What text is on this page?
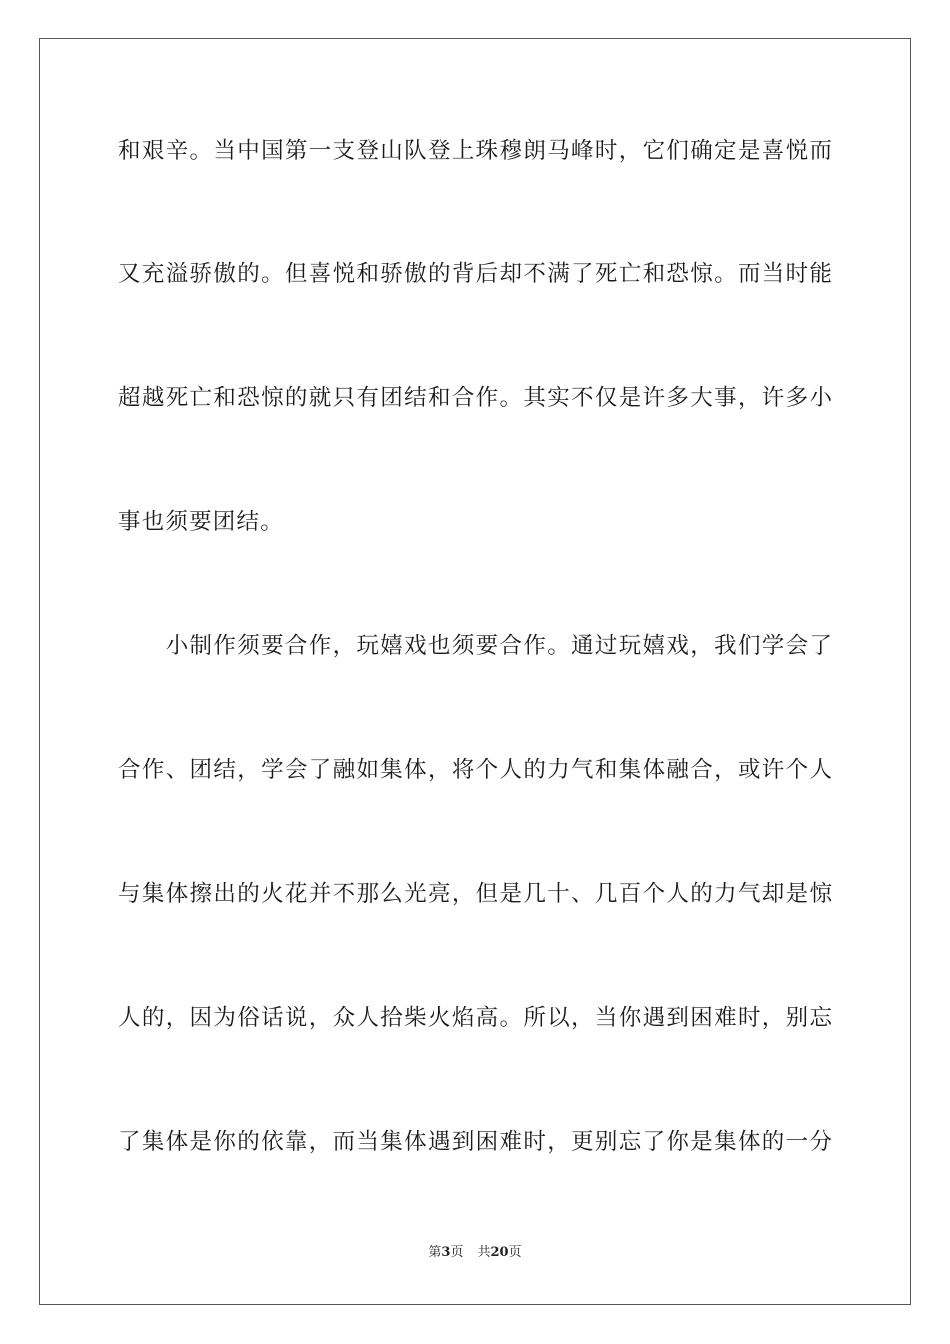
和艰辛。当中国第一支登山队登上珠穆朗马峰时，它们确定是喜悦而
又充溢骄傲的。但喜悦和骄傲的背后却不满了死亡和恐惊。而当时能
超越死亡和恐惊的就只有团结和合作。其实不仅是许多大事，许多小
事也须要团结。
　　小制作须要合作，玩嬉戏也须要合作。通过玩嬉戏，我们学会了
合作、团结，学会了融如集体，将个人的力气和集体融合，或许个人
与集体擦出的火花并不那么光亮，但是几十、几百个人的力气却是惊
人的，因为俗话说，众人拾柴火焰高。所以，当你遇到困难时，别忘
了集体是你的依靠，而当集体遇到困难时，更别忘了你是集体的一分
第3页 共20页
